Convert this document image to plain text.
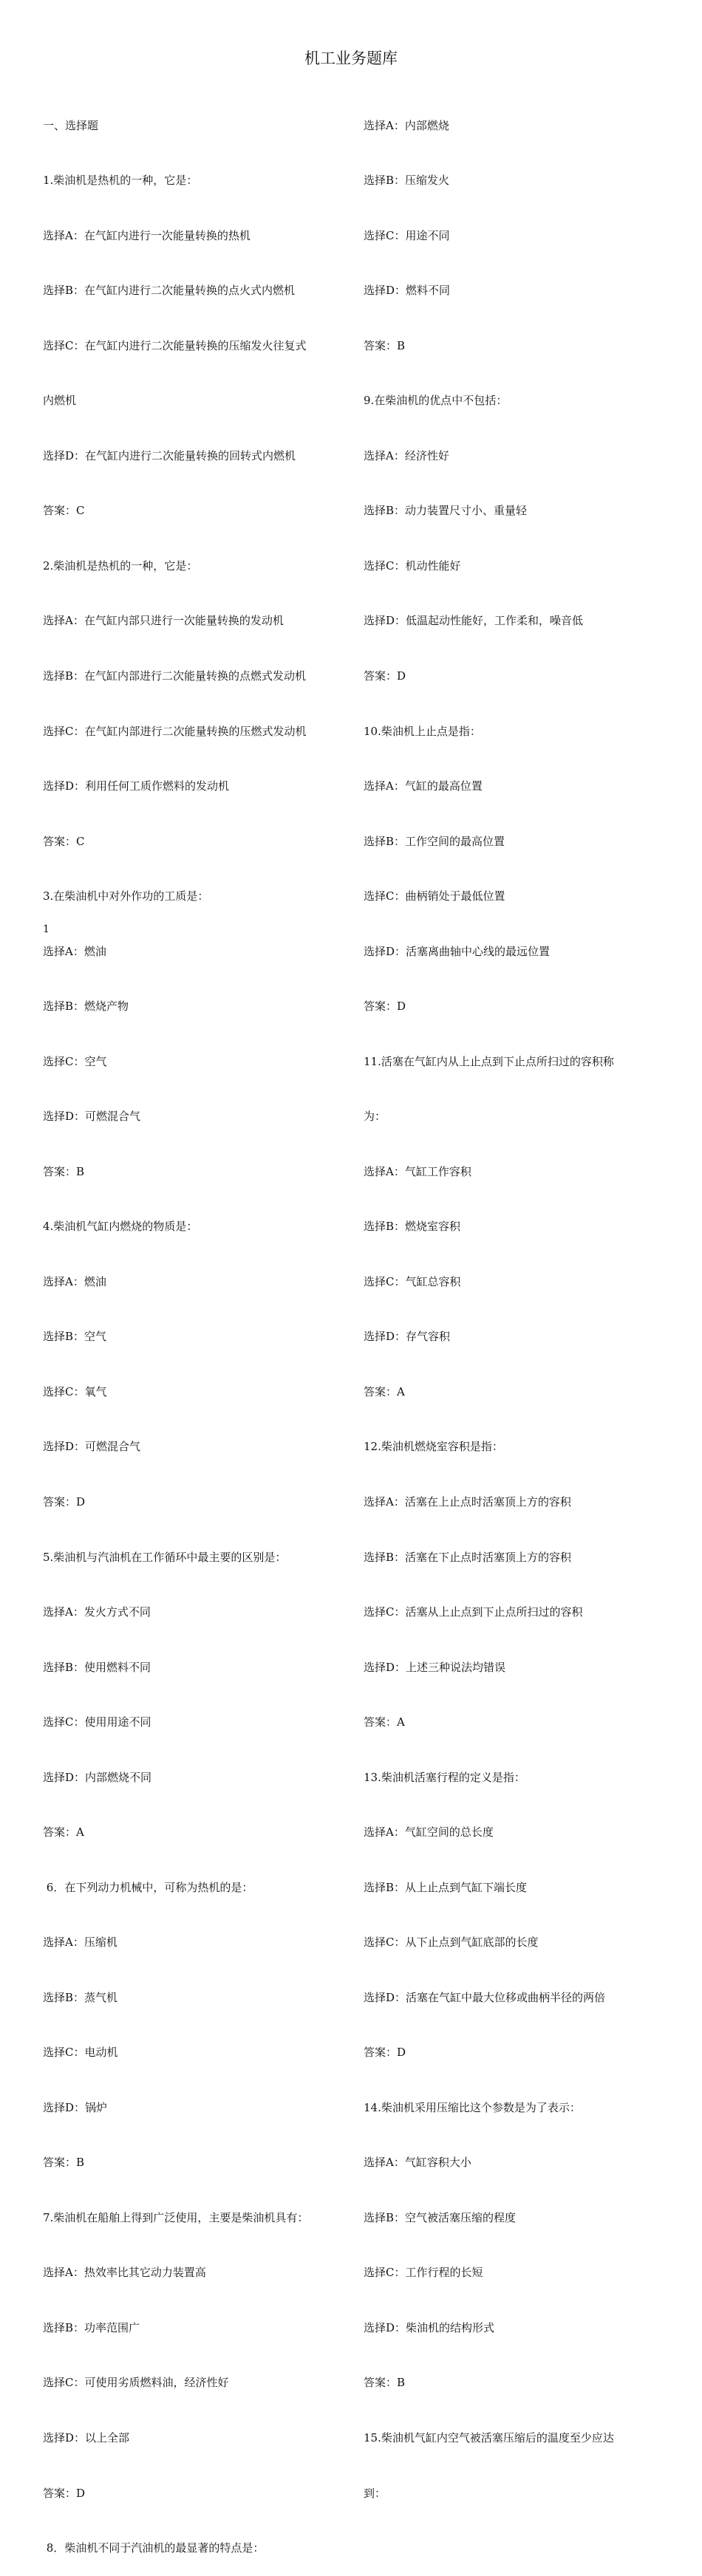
机工业务题库

一、选择题

1.柴油机是热机的一种，它是：

选择A：在气缸内进行一次能量转换的热机

选择B：在气缸内进行二次能量转换的点火式内燃机

选择C：在气缸内进行二次能量转换的压缩发火往复式

内燃机

选择D：在气缸内进行二次能量转换的回转式内燃机

答案：C

2.柴油机是热机的一种，它是：

选择A：在气缸内部只进行一次能量转换的发动机

选择B：在气缸内部进行二次能量转换的点燃式发动机

选择C：在气缸内部进行二次能量转换的压燃式发动机

选择D：利用任何工质作燃料的发动机

答案：C

3.在柴油机中对外作功的工质是：

选择A：燃油

选择B：燃烧产物

选择C：空气

选择D：可燃混合气

答案：B

4.柴油机气缸内燃烧的物质是：

选择A：燃油

选择B：空气

选择C：氧气

选择D：可燃混合气

答案：D

5.柴油机与汽油机在工作循环中最主要的区别是：

选择A：发火方式不同

选择B：使用燃料不同

选择C：使用用途不同

选择D：内部燃烧不同

答案：A

6．在下列动力机械中，可称为热机的是：

选择A：压缩机

选择B：蒸气机

选择C：电动机

选择D：锅炉

答案：B

7.柴油机在船舶上得到广泛使用，主要是柴油机具有：

选择A：热效率比其它动力装置高

选择B：功率范围广

选择C：可使用劣质燃料油，经济性好

选择D：以上全部

答案：D

8．柴油机不同于汽油机的最显著的特点是：

选择A：内部燃烧

选择B：压缩发火

选择C：用途不同

选择D：燃料不同

答案：B

9.在柴油机的优点中不包括：

选择A：经济性好

选择B：动力装置尺寸小、重量轻

选择C：机动性能好

选择D：低温起动性能好，工作柔和，噪音低

答案：D

10.柴油机上止点是指：

选择A：气缸的最高位置

选择B：工作空间的最高位置

选择C：曲柄销处于最低位置

选择D：活塞离曲轴中心线的最远位置

答案：D

11.活塞在气缸内从上止点到下止点所扫过的容积称

为：

选择A：气缸工作容积

选择B：燃烧室容积

选择C：气缸总容积

选择D：存气容积

答案：A

12.柴油机燃烧室容积是指：

选择A：活塞在上止点时活塞顶上方的容积

选择B：活塞在下止点时活塞顶上方的容积

选择C：活塞从上止点到下止点所扫过的容积

选择D：上述三种说法均错误

答案：A

13.柴油机活塞行程的定义是指：

选择A：气缸空间的总长度

选择B：从上止点到气缸下端长度

选择C：从下止点到气缸底部的长度

选择D：活塞在气缸中最大位移或曲柄半径的两倍

答案：D

14.柴油机采用压缩比这个参数是为了表示：

选择A：气缸容积大小

选择B：空气被活塞压缩的程度

选择C：工作行程的长短

选择D：柴油机的结构形式

答案：B

15.柴油机气缸内空气被活塞压缩后的温度至少应达

到：

1
